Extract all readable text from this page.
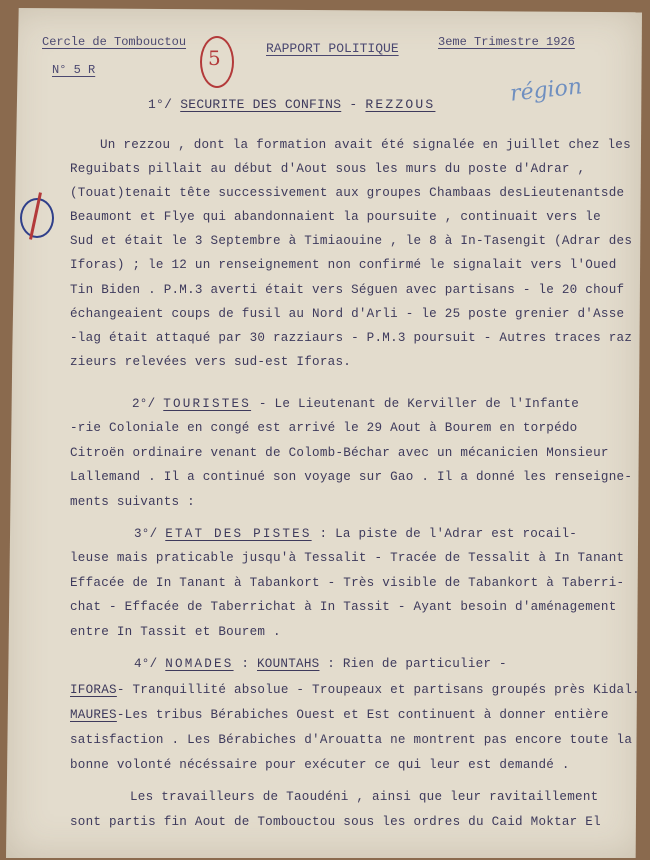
Cercle de Tombouctou
N° 5 R
RAPPORT POLITIQUE	3eme Trimestre 1926
5
région
1°/ SECURITE DES CONFINS - REZZOUS
Un rezzou , dont la formation avait été signalée en juillet chez les
Reguibats pillait au début d'Aout sous les murs du poste d'Adrar ,
(Touat)tenait tête successivement aux groupes Chambaas desLieutenantsde
Beaumont et Flye qui abandonnaient la poursuite , continuait vers le
Sud et était le 3 Septembre à Timiaouine , le 8 à In-Tasengit (Adrar des
Iforas) ; le 12 un renseignement non confirmé le signalait vers l'Oued
Tin Biden . P.M.3 averti était vers Séguen avec partisans - le 20 chouf
échangeaient coups de fusil au Nord d'Arli - le 25 poste grenier d'Asse
-lag était attaqué par 30 razziaurs - P.M.3 poursuit - Autres traces raz
zieurs relevées vers sud-est Iforas.
2°/ TOURISTES - Le Lieutenant de Kerviller de l'Infante
-rie Coloniale en congé est arrivé le 29 Aout à Bourem en torpédo
Citroën ordinaire venant de Colomb-Béchar avec un mécanicien Monsieur
Lallemand . Il a continué son voyage sur Gao . Il a donné les renseigne-
ments suivants :
3°/ ETAT DES PISTES : La piste de l'Adrar est rocail-
leuse mais praticable jusqu'à Tessalit - Tracée de Tessalit à In Tanant
Effacée de In Tanant à Tabankort - Très visible de Tabankort à Taberri-
chat - Effacée de Taberrichat à In Tassit - Ayant besoin d'aménagement
entre In Tassit et Bourem .
4°/ NOMADES : KOUNTAHS : Rien de particulier -
IFORAS- Tranquillité absolue - Troupeaux et partisans groupés près Kidal.
MAURES-Les tribus Bérabiches Ouest et Est continuent à donner entière
satisfaction . Les Bérabiches d'Arouatta ne montrent pas encore toute la
bonne volonté nécéssaire pour exécuter ce qui leur est demandé .
Les travailleurs de Taoudéni , ainsi que leur ravitaillement
sont partis fin Aout de Tombouctou sous les ordres du Caid Moktar El
